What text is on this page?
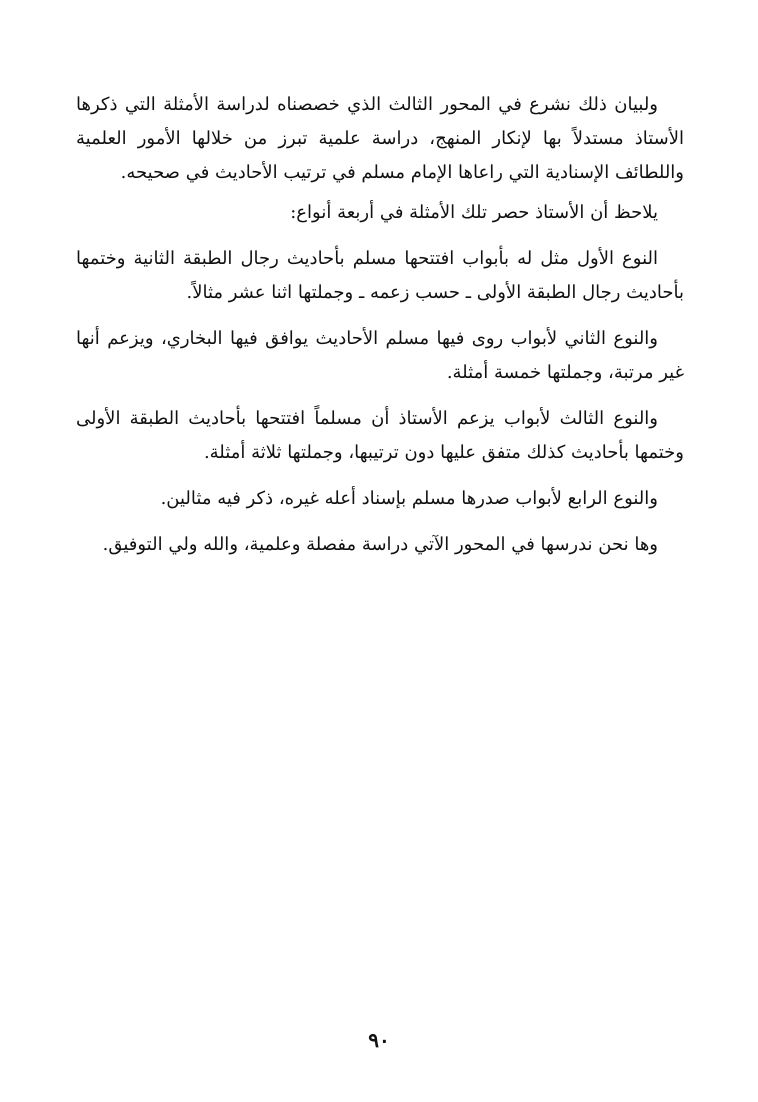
ولبيان ذلك نشرع في المحور الثالث الذي خصصناه لدراسة الأمثلة التي ذكرها الأستاذ مستدلاً بها لإنكار المنهج، دراسة علمية تبرز من خلالها الأمور العلمية واللطائف الإسنادية التي راعاها الإمام مسلم في ترتيب الأحاديث في صحيحه.

يلاحظ أن الأستاذ حصر تلك الأمثلة في أربعة أنواع:

النوع الأول مثل له بأبواب افتتحها مسلم بأحاديث رجال الطبقة الثانية وختمها بأحاديث رجال الطبقة الأولى ـ حسب زعمه ـ وجملتها اثنا عشر مثالاً.

والنوع الثاني لأبواب روى فيها مسلم الأحاديث يوافق فيها البخاري، ويزعم أنها غير مرتبة، وجملتها خمسة أمثلة.

والنوع الثالث لأبواب يزعم الأستاذ أن مسلماً افتتحها بأحاديث الطبقة الأولى وختمها بأحاديث كذلك متفق عليها دون ترتيبها، وجملتها ثلاثة أمثلة.

والنوع الرابع لأبواب صدرها مسلم بإسناد أعله غيره، ذكر فيه مثالين.

وها نحن ندرسها في المحور الآتي دراسة مفصلة وعلمية، والله ولي التوفيق.

٩٠
